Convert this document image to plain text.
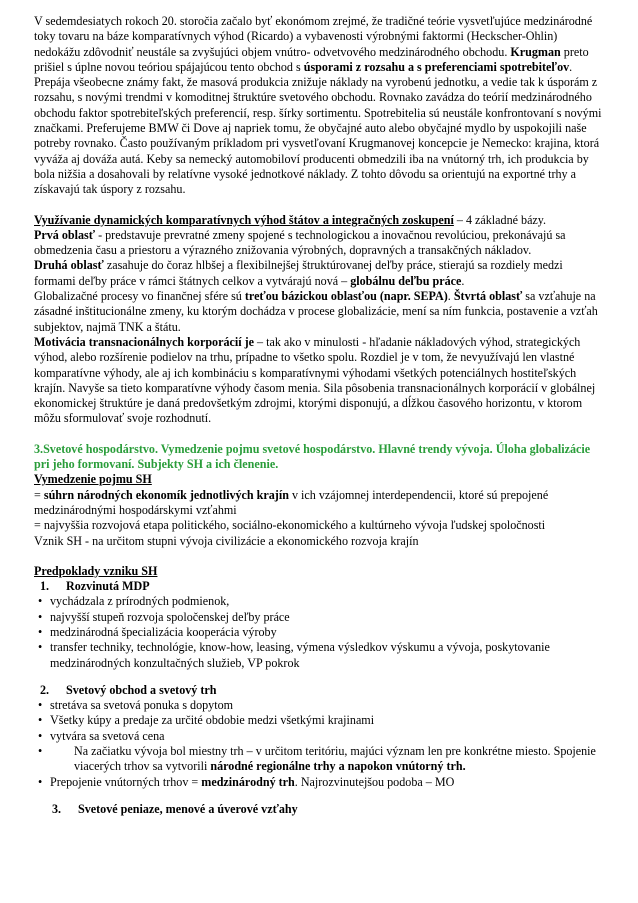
V sedemdesiatych rokoch 20. storočia začalo byť ekonómom zrejmé, že tradičné teórie vysvetľujúce medzinárodné toky tovaru na báze komparatívnych výhod (Ricardo) a vybavenosti výrobnými faktormi (Heckscher-Ohlin) nedokážu zdôvodniť neustále sa zvyšujúci objem vnútro- odvetvového medzinárodného obchodu. Krugman preto prišiel s úplne novou teóriou spájajúcou tento obchod s úsporami z rozsahu a s preferenciami spotrebiteľov. Prepája všeobecne známy fakt, že masová produkcia znižuje náklady na vyrobenú jednotku, a vedie tak k úsporám z rozsahu, s novými trendmi v komoditnej štruktúre svetového obchodu. Rovnako zavádza do teórií medzinárodného obchodu faktor spotrebiteľských preferencií, resp. šírky sortimentu. Spotrebitelia sú neustále konfrontovaní s novými značkami. Preferujeme BMW či Dove aj napriek tomu, že obyčajné auto alebo obyčajné mydlo by uspokojili naše potreby rovnako. Často používaným príkladom pri vysvetľovaní Krugmanovej koncepcie je Nemecko: krajina, ktorá vyváža aj dováža autá. Keby sa nemecký automobiloví producenti obmedzili iba na vnútorný trh, ich produkcia by bola nižšia a dosahovali by relatívne vysoké jednotkové náklady. Z tohto dôvodu sa orientujú na exportné trhy a získavajú tak úspory z rozsahu.

Využívanie dynamických komparatívnych výhod štátov a integračných zoskupení – 4 základné bázy.

Prvá oblasť - predstavuje prevratné zmeny spojené s technologickou a inovačnou revolúciou, prekonávajú sa obmedzenia času a priestoru a výrazného znižovania výrobných, dopravných a transakčných nákladov.

Druhá oblasť zasahuje do čoraz hlbšej a flexibilnejšej štruktúrovanej deľby práce, stierajú sa rozdiely medzi formami deľby práce v rámci štátnych celkov a vytvárajú nová – globálnu deľbu práce.

Globalizačné procesy vo finančnej sfére sú treťou bázickou oblasťou (napr. SEPA). Štvrtá oblasť sa vzťahuje na zásadné inštitucionálne zmeny, ku ktorým dochádza v procese globalizácie, mení sa ním funkcia, postavenie a vzťah subjektov, najmä TNK a štátu.

Motivácia transnacionálnych korporácií je – tak ako v minulosti - hľadanie nákladových výhod, strategických výhod, alebo rozšírenie podielov na trhu, prípadne to všetko spolu. Rozdiel je v tom, že nevyužívajú len vlastné komparatívne výhody, ale aj ich kombináciu s komparatívnymi výhodami všetkých potenciálnych hostiteľských krajín. Navyše sa tieto komparatívne výhody časom menia. Sila pôsobenia transnacionálnych korporácií v globálnej ekonomickej štruktúre je daná predovšetkým zdrojmi, ktorými disponujú, a dĺžkou časového horizontu, v ktorom môžu sformulovať svoje rozhodnutí.

3.Svetové hospodárstvo. Vymedzenie pojmu svetové hospodárstvo. Hlavné trendy vývoja. Úloha globalizácie pri jeho formovaní. Subjekty SH a ich členenie.

Vymedzenie pojmu SH

= súhrn národných ekonomík jednotlivých krajín v ich vzájomnej interdependencii, ktoré sú prepojené medzinárodnými hospodárskymi vzťahmi

= najvyššia rozvojová etapa politického, sociálno-ekonomického a kultúrneho vývoja ľudskej spoločnosti

Vznik SH - na určitom stupni vývoja civilizácie a ekonomického rozvoja krajín

Predpoklady vzniku SH

1. Rozvinutá MDP
• vychádzala z prírodných podmienok,
• najvyšší stupeň rozvoja spoločenskej deľby práce
• medzinárodná špecializácia kooperácia výroby
• transfer techniky, technológie, know-how, leasing, výmena výsledkov výskumu a vývoja, poskytovanie medzinárodných konzultačných služieb, VP pokrok
2. Svetový obchod a svetový trh
• stretáva sa svetová ponuka s dopytom
• Všetky kúpy a predaje za určité obdobie medzi všetkými krajinami
• vytvára sa svetová cena
•	Na začiatku vývoja bol miestny trh – v určitom teritóriu, majúci význam len pre konkrétne miesto. Spojenie viacerých trhov sa vytvorili národné regionálne trhy a napokon vnútorný trh.
• Prepojenie vnútorných trhov = medzinárodný trh. Najrozvinutejšou podoba – MO
3. Svetové peniaze, menové a úverové vzťahy
